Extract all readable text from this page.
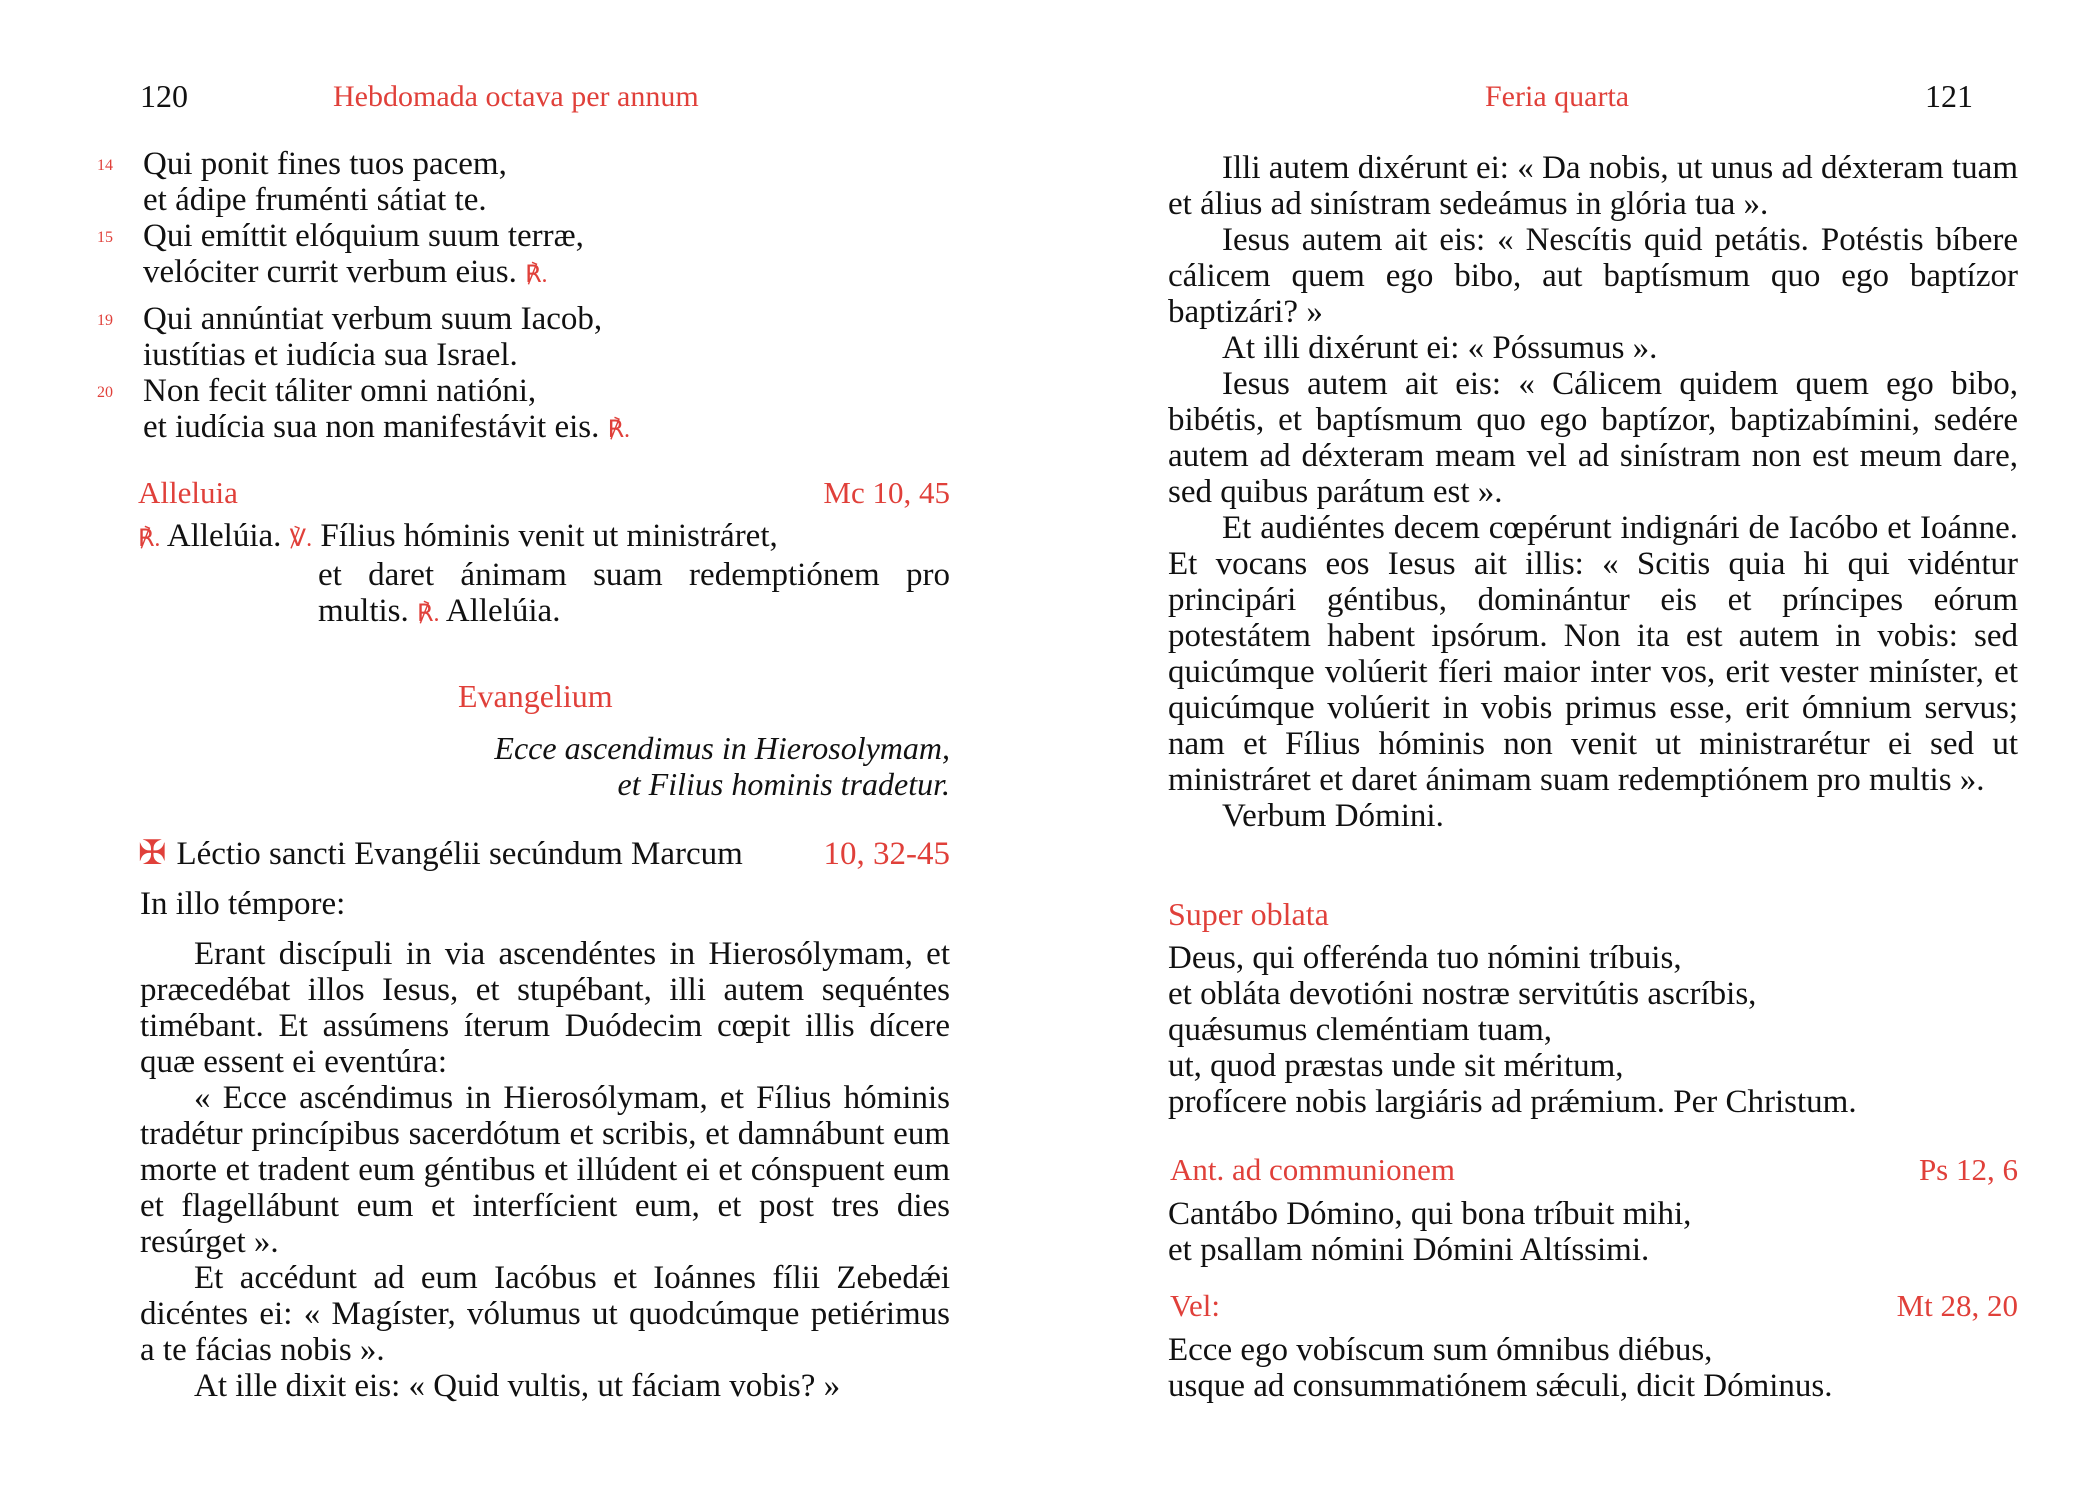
120	Hebdomada octava per annum
14 Qui ponit fines tuos pacem,
et ádipe fruménti sátiat te.
15 Qui emíttit elóquium suum terræ,
velóciter currit verbum eius. ℟.
19 Qui annúntiat verbum suum Iacob,
iustítias et iudícia sua Israel.
20 Non fecit táliter omni natióni,
et iudícia sua non manifestávit eis. ℟.
Alleluia	Mc 10, 45
℟. Allelúia. ℣. Fílius hóminis venit ut ministráret,
et daret ánimam suam redemptiónem pro multis. ℟. Allelúia.
Evangelium
Ecce ascendimus in Hierosolymam,
et Filius hominis tradetur.
✠ Léctio sancti Evangélii secúndum Marcum 10, 32-45
In illo témpore:

Erant discípuli in via ascendéntes in Hierosólymam, et præcedébat illos Iesus, et stupébant, illi autem sequéntes timébant. Et assúmens íterum Duódecim cœpit illis dícere quæ essent ei eventúra:

« Ecce ascéndimus in Hierosólymam, et Fílius hóminis tradétur princípibus sacerdótum et scribis, et damnábunt eum morte et tradent eum géntibus et illúdent ei et cónspuent eum et flagellábunt eum et interfícient eum, et post tres dies resúrget ».

Et accédunt ad eum Iacóbus et Ioánnes fílii Zebedǽi dicéntes ei: « Magíster, vólumus ut quodcúmque petiérimus a te fácias nobis ».

At ille dixit eis: « Quid vultis, ut fáciam vobis? »

Feria quarta	121

Illi autem dixérunt ei: « Da nobis, ut unus ad déxteram tuam et álius ad sinístram sedeámus in glória tua ».

Iesus autem ait eis: « Nescítis quid petátis. Potéstis bíbere cálicem quem ego bibo, aut baptísmum quo ego baptízor baptizári? »

At illi dixérunt ei: « Póssumus ».

Iesus autem ait eis: « Cálicem quidem quem ego bibo, bibétis, et baptísmum quo ego baptízor, baptizabímini, sedére autem ad déxteram meam vel ad sinístram non est meum dare, sed quibus parátum est ».

Et audiéntes decem cœpérunt indignári de Iacóbo et Ioánne. Et vocans eos Iesus ait illis: « Scitis quia hi qui vidéntur principári géntibus, dominántur eis et príncipes eórum potestátem habent ipsórum. Non ita est autem in vobis: sed quicúmque volúerit fíeri maior inter vos, erit vester miníster, et quicúmque volúerit in vobis primus esse, erit ómnium servus; nam et Fílius hóminis non venit ut ministrarétur ei sed ut ministráret et daret ánimam suam redemptiónem pro multis ».

Verbum Dómini.

Super oblata
Deus, qui offerénda tuo nómini tríbuis,
et obláta devotióni nostræ servitútis ascríbis,
quǽsumus cleméntiam tuam,
ut, quod præstas unde sit méritum,
profícere nobis largiáris ad prǽmium. Per Christum.
Ant. ad communionem	Ps 12, 6
Cantábo Dómino, qui bona tríbuit mihi,
et psallam nómini Dómini Altíssimi.
Vel:	Mt 28, 20
Ecce ego vobíscum sum ómnibus diébus,
usque ad consummatiónem sǽculi, dicit Dóminus.
